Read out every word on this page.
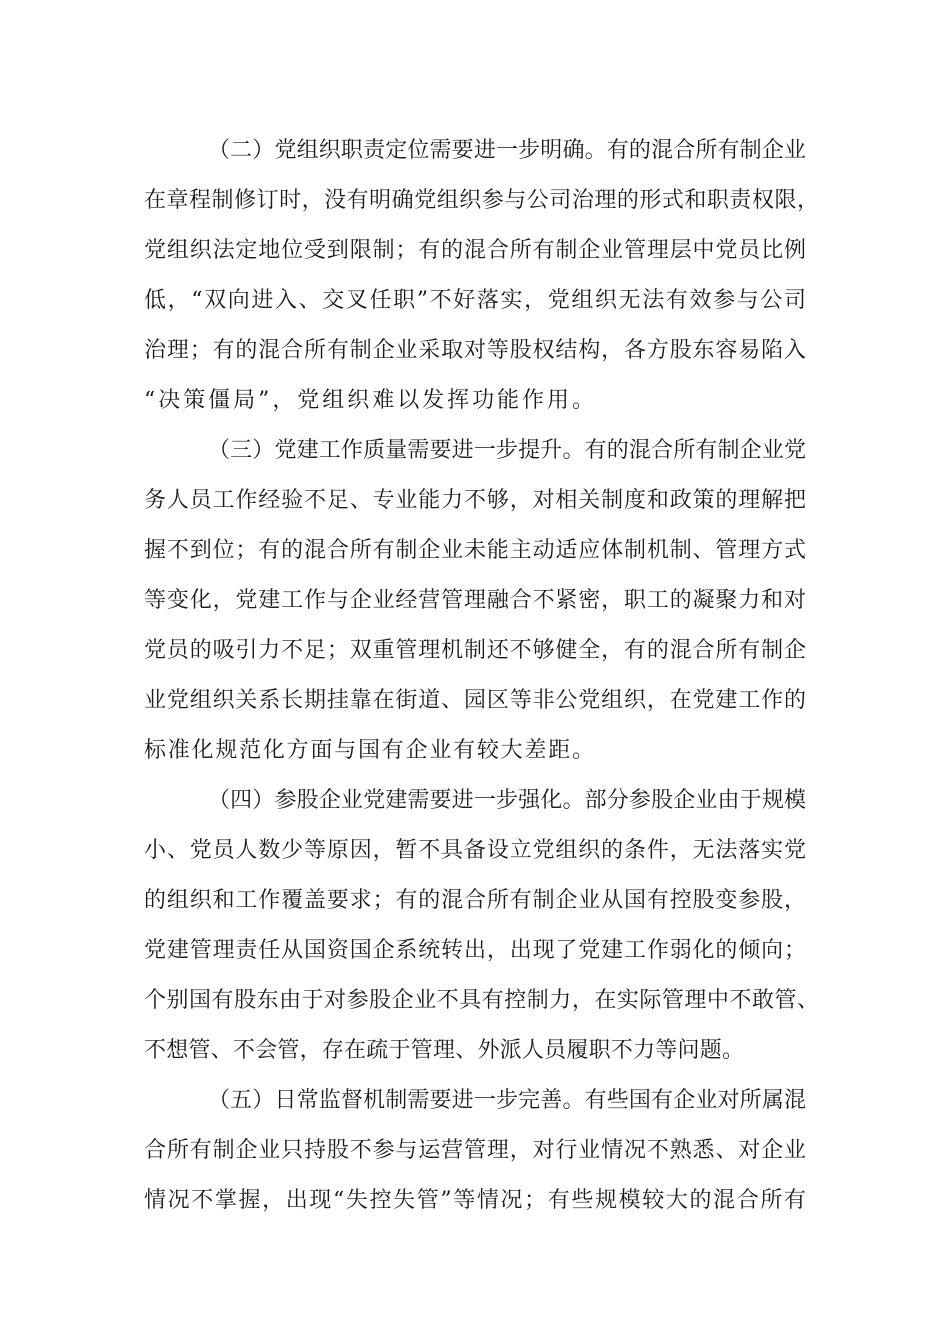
（二）党组织职责定位需要进一步明确。有的混合所有制企业

在章程制修订时，没有明确党组织参与公司治理的形式和职责权限，

党组织法定地位受到限制；有的混合所有制企业管理层中党员比例

低，“双向进入、交叉任职”不好落实，党组织无法有效参与公司

治理；有的混合所有制企业采取对等股权结构，各方股东容易陷入

“决策僵局”，党组织难以发挥功能作用。

（三）党建工作质量需要进一步提升。有的混合所有制企业党

务人员工作经验不足、专业能力不够，对相关制度和政策的理解把

握不到位；有的混合所有制企业未能主动适应体制机制、管理方式

等变化，党建工作与企业经营管理融合不紧密，职工的凝聚力和对

党员的吸引力不足；双重管理机制还不够健全，有的混合所有制企

业党组织关系长期挂靠在街道、园区等非公党组织，在党建工作的

标准化规范化方面与国有企业有较大差距。

（四）参股企业党建需要进一步强化。部分参股企业由于规模

小、党员人数少等原因，暂不具备设立党组织的条件，无法落实党

的组织和工作覆盖要求；有的混合所有制企业从国有控股变参股，

党建管理责任从国资国企系统转出，出现了党建工作弱化的倾向；

个别国有股东由于对参股企业不具有控制力，在实际管理中不敢管、

不想管、不会管，存在疏于管理、外派人员履职不力等问题。

（五）日常监督机制需要进一步完善。有些国有企业对所属混

合所有制企业只持股不参与运营管理，对行业情况不熟悉、对企业

情况不掌握，出现“失控失管”等情况；有些规模较大的混合所有
